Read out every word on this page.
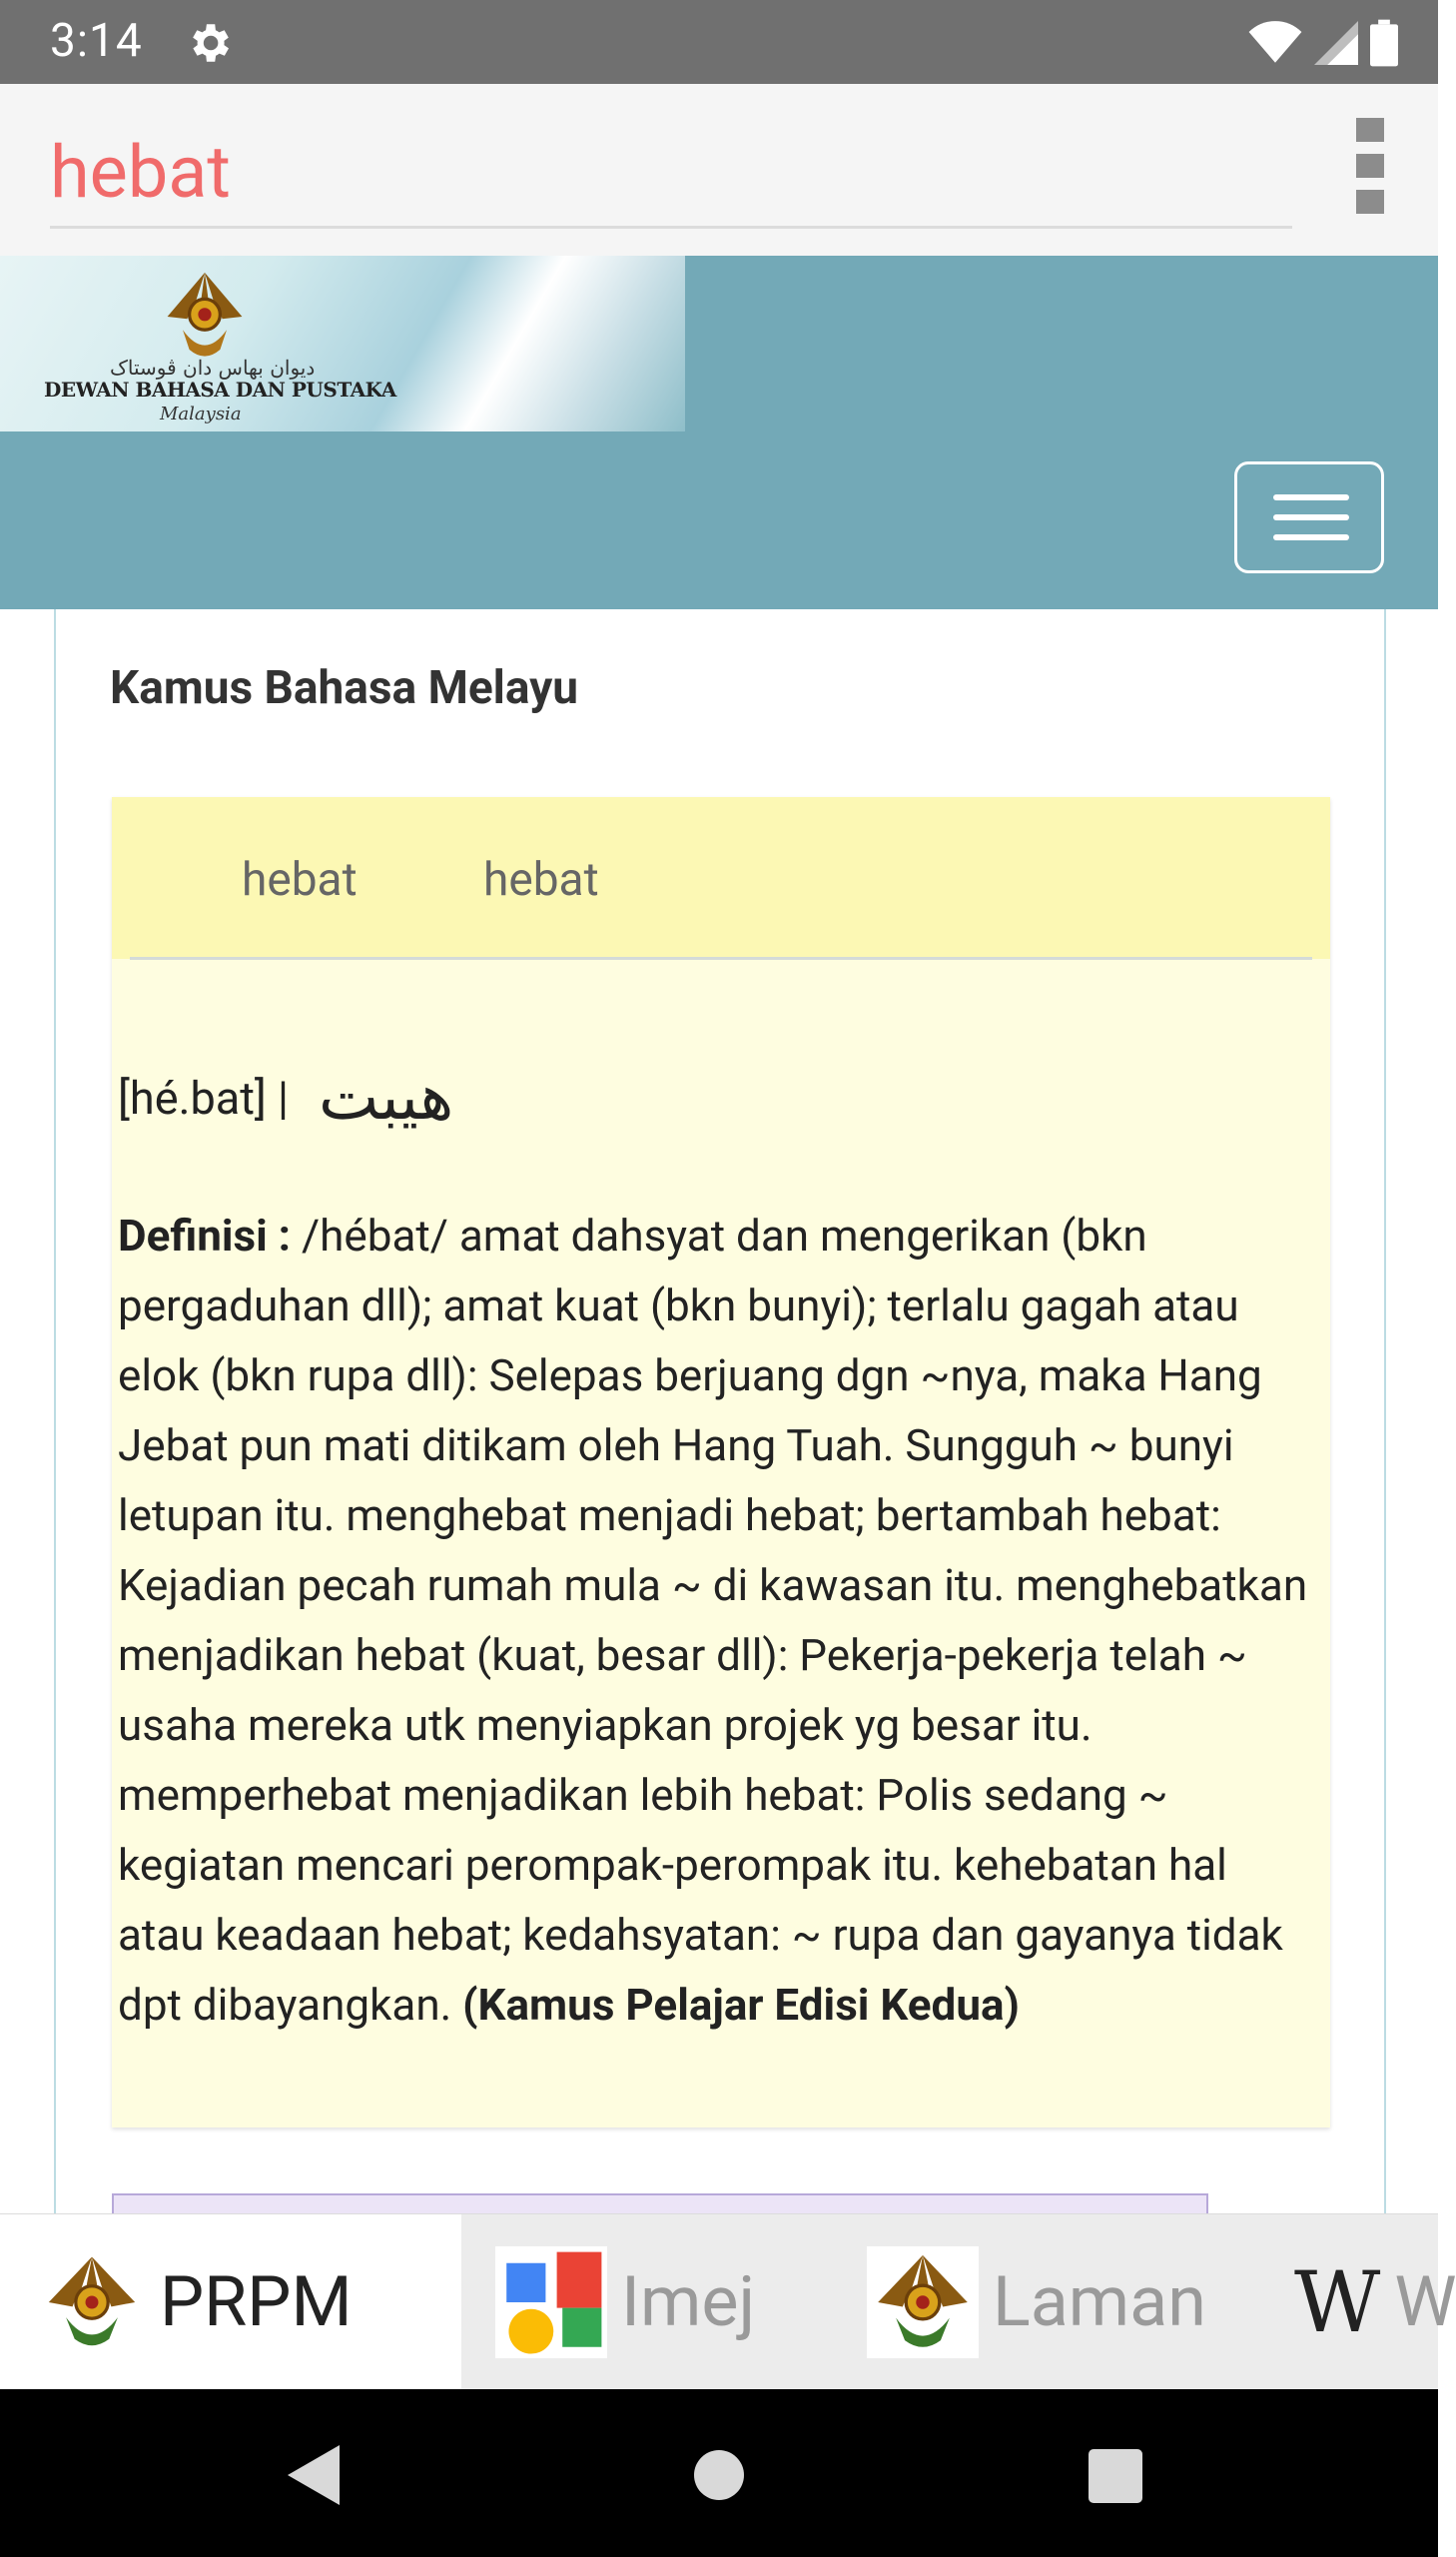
3:14
hebat
ديوان بهاس دان ڤوستاک
DEWAN BAHASA DAN PUSTAKA
Malaysia
Kamus Bahasa Melayu
hebat	hebat
[hé.bat] | هيبت
Definisi : /hébat/ amat dahsyat dan mengerikan (bkn pergaduhan dll); amat kuat (bkn bunyi); terlalu gagah atau elok (bkn rupa dll): Selepas berjuang dgn ~nya, maka Hang Jebat pun mati ditikam oleh Hang Tuah. Sungguh ~ bunyi letupan itu. menghebat menjadi hebat; bertambah hebat: Kejadian pecah rumah mula ~ di kawasan itu. menghebatkan menjadikan hebat (kuat, besar dll): Pekerja-pekerja telah ~ usaha mereka utk menyiapkan projek yg besar itu. memperhebat menjadikan lebih hebat: Polis sedang ~ kegiatan mencari perompak-perompak itu. kehebatan hal atau keadaan hebat; kedahsyatan: ~ rupa dan gayanya tidak dpt dibayangkan. (Kamus Pelajar Edisi Kedua)
PRPM	Imej	Laman W W
